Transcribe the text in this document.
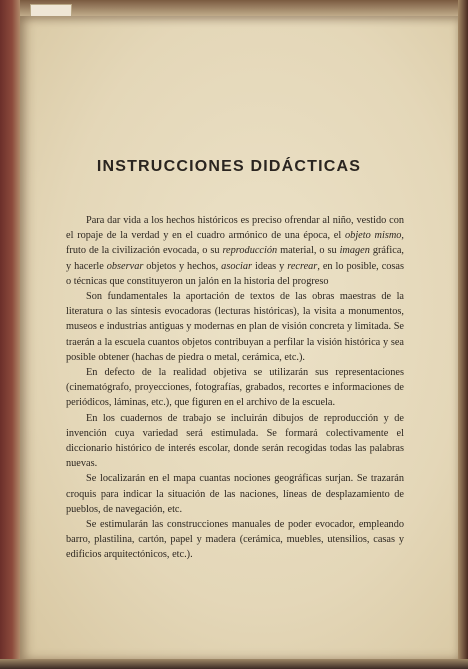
INSTRUCCIONES DIDÁCTICAS

Para dar vida a los hechos históricos es preciso ofrendar al niño, vestido con el ropaje de la verdad y en el cuadro armónico de una época, el objeto mismo, fruto de la civilización evocada, o su reproducción material, o su imagen gráfica, y hacerle observar objetos y hechos, asociar ideas y recrear, en lo posible, cosas o técnicas que constituyeron un jalón en la historia del progreso

Son fundamentales la aportación de textos de las obras maestras de la literatura o las síntesis evocadoras (lecturas históricas), la visita a monumentos, museos e industrias antiguas y modernas en plan de visión concreta y limitada. Se traerán a la escuela cuantos objetos contribuyan a perfilar la visión histórica y sea posible obtener (hachas de piedra o metal, cerámica, etc.).

En defecto de la realidad objetiva se utilizarán sus representaciones (cinematógrafo, proyecciones, fotografías, grabados, recortes e informaciones de periódicos, láminas, etc.), que figuren en el archivo de la escuela.

En los cuadernos de trabajo se incluirán dibujos de reproducción y de invención cuya variedad será estimulada. Se formará colectivamente el diccionario histórico de interés escolar, donde serán recogidas todas las palabras nuevas.

Se localizarán en el mapa cuantas nociones geográficas surjan. Se trazarán croquis para indicar la situación de las naciones, líneas de desplazamiento de pueblos, de navegación, etc.

Se estimularán las construcciones manuales de poder evocador, empleando barro, plastilina, cartón, papel y madera (cerámica, muebles, utensilios, casas y edificios arquitectónicos, etc.).
